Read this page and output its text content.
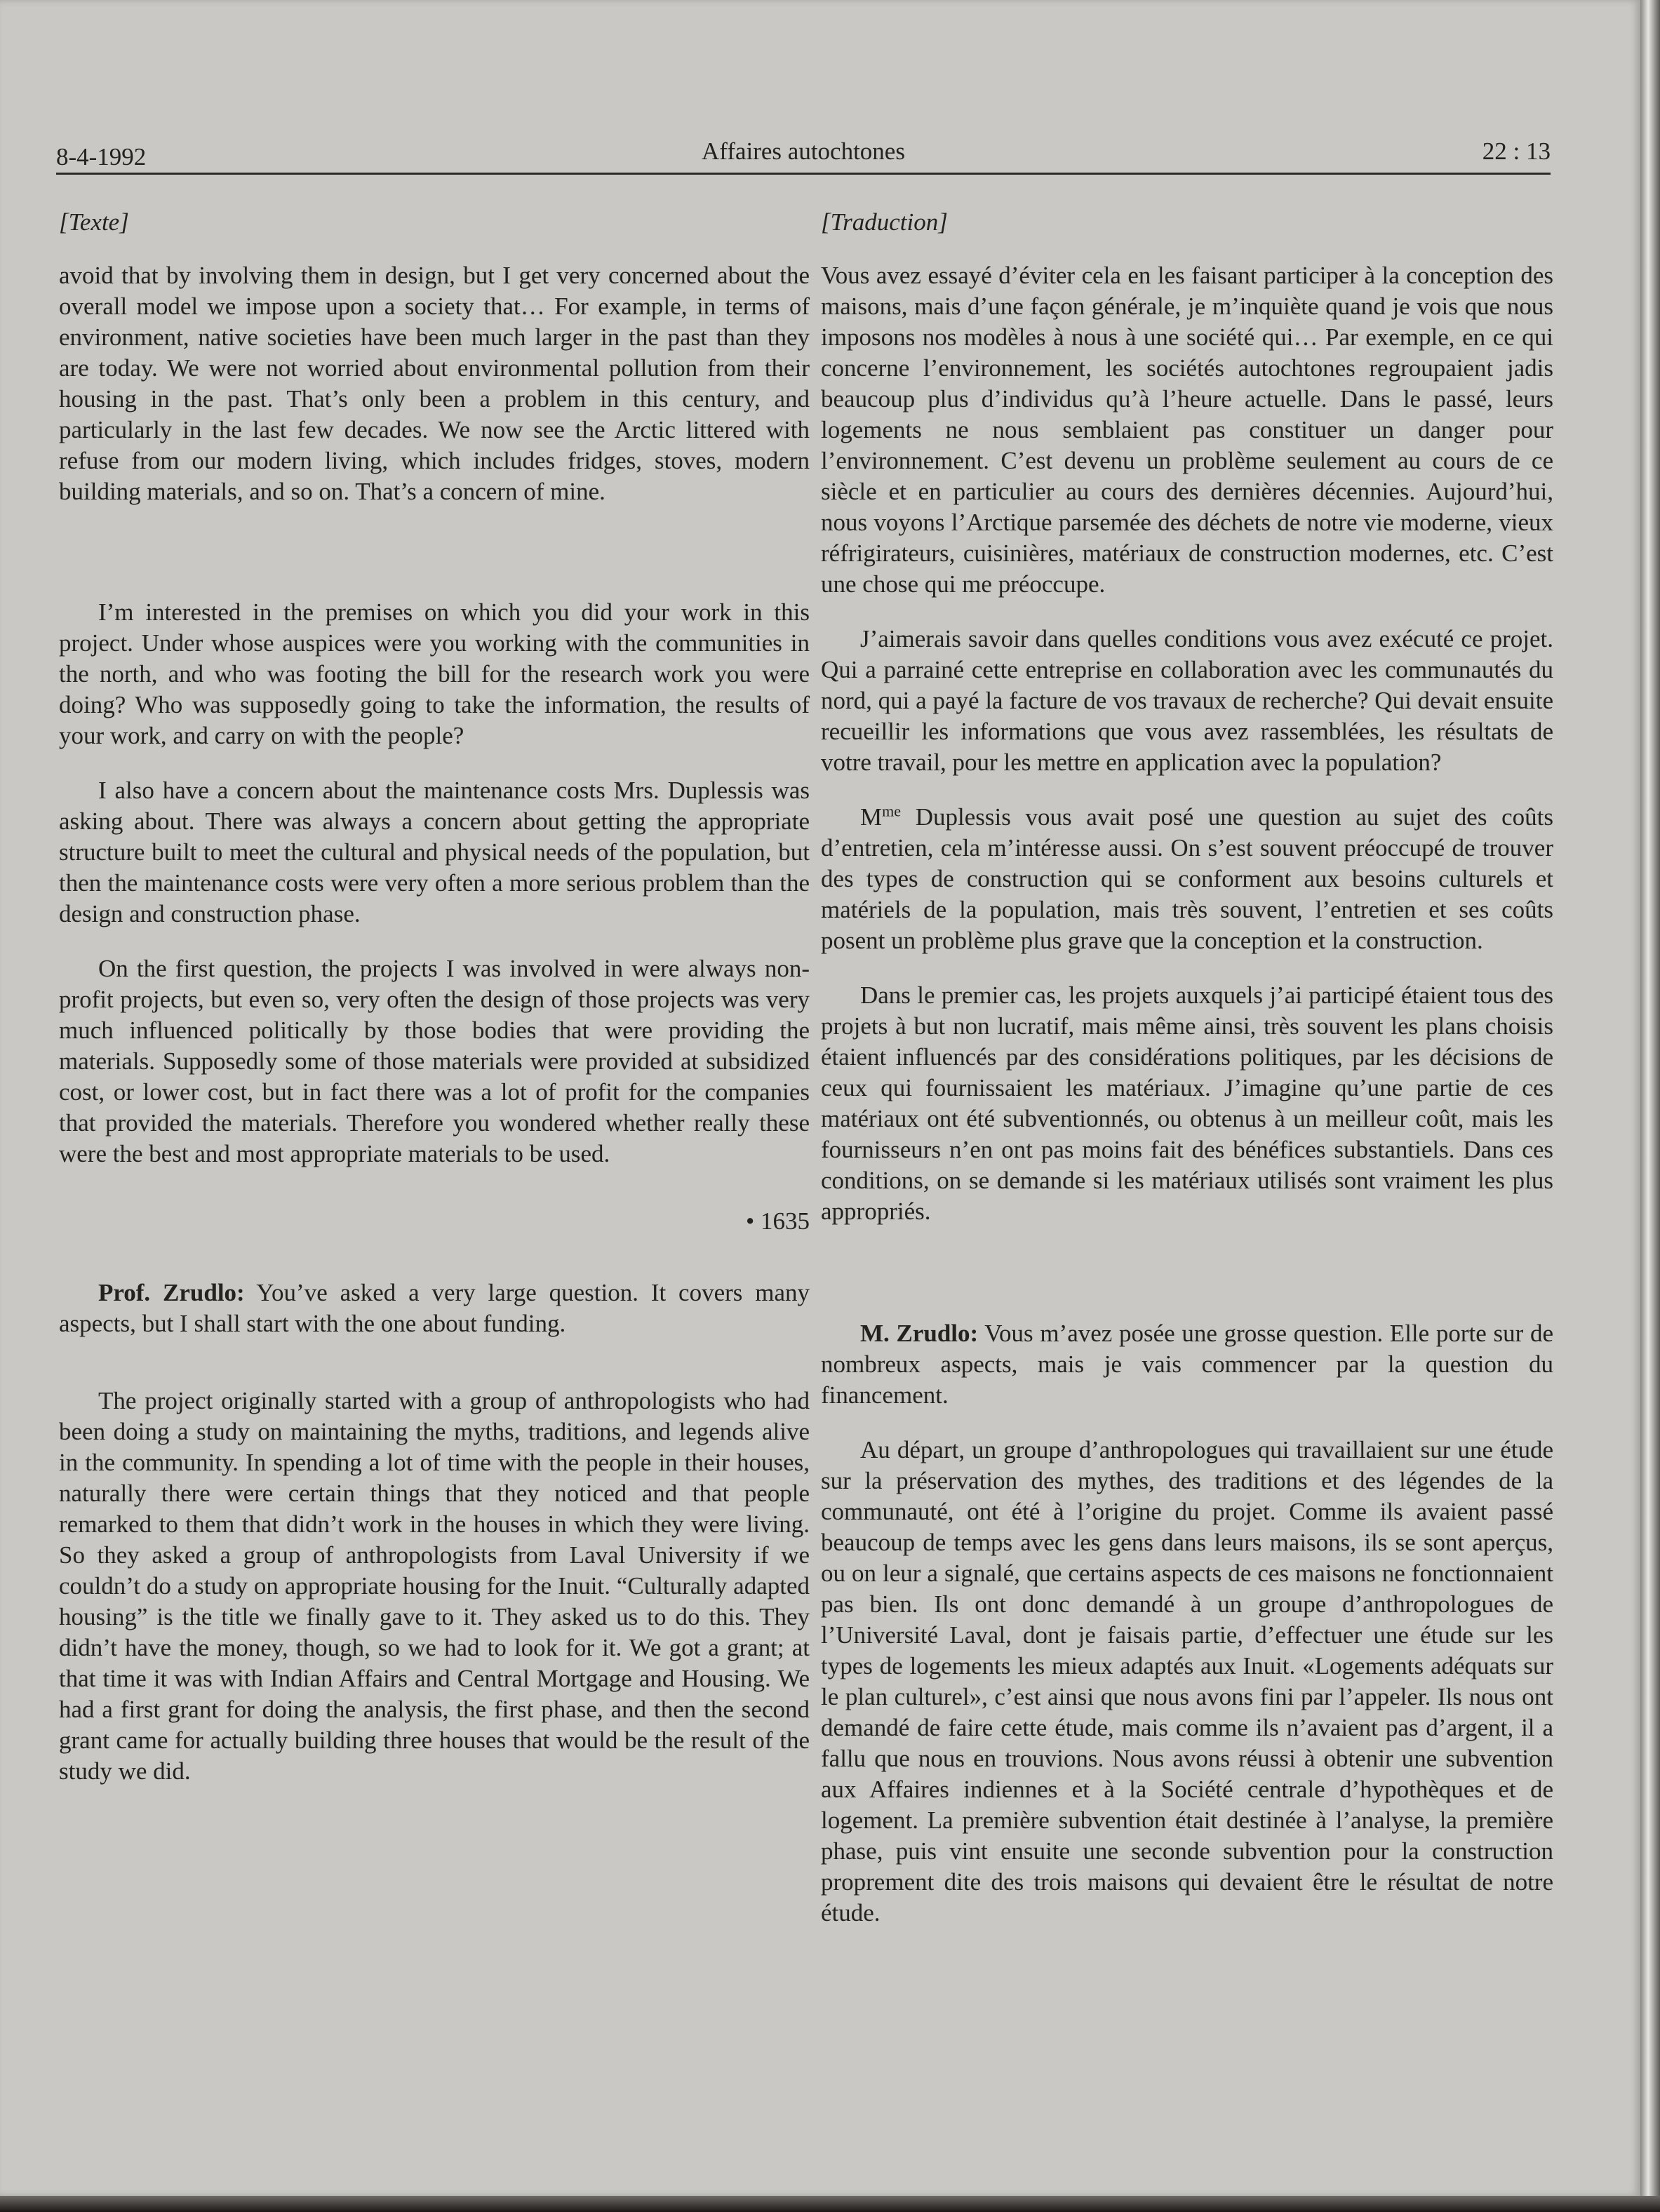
8-4-1992	Affaires autochtones	22 : 13

[Texte]

avoid that by involving them in design, but I get very concerned about the overall model we impose upon a society that… For example, in terms of environment, native societies have been much larger in the past than they are today. We were not worried about environmental pollution from their housing in the past. That’s only been a problem in this century, and particularly in the last few decades. We now see the Arctic littered with refuse from our modern living, which includes fridges, stoves, modern building materials, and so on. That’s a concern of mine.

I’m interested in the premises on which you did your work in this project. Under whose auspices were you working with the communities in the north, and who was footing the bill for the research work you were doing? Who was supposedly going to take the information, the results of your work, and carry on with the people?

I also have a concern about the maintenance costs Mrs. Duplessis was asking about. There was always a concern about getting the appropriate structure built to meet the cultural and physical needs of the population, but then the maintenance costs were very often a more serious problem than the design and construction phase.

On the first question, the projects I was involved in were always non-profit projects, but even so, very often the design of those projects was very much influenced politically by those bodies that were providing the materials. Supposedly some of those materials were provided at subsidized cost, or lower cost, but in fact there was a lot of profit for the companies that provided the materials. Therefore you wondered whether really these were the best and most appropriate materials to be used.

• 1635

Prof. Zrudlo: You’ve asked a very large question. It covers many aspects, but I shall start with the one about funding.

The project originally started with a group of anthropologists who had been doing a study on maintaining the myths, traditions, and legends alive in the community. In spending a lot of time with the people in their houses, naturally there were certain things that they noticed and that people remarked to them that didn’t work in the houses in which they were living. So they asked a group of anthropologists from Laval University if we couldn’t do a study on appropriate housing for the Inuit. “Culturally adapted housing” is the title we finally gave to it. They asked us to do this. They didn’t have the money, though, so we had to look for it. We got a grant; at that time it was with Indian Affairs and Central Mortgage and Housing. We had a first grant for doing the analysis, the first phase, and then the second grant came for actually building three houses that would be the result of the study we did.

[Traduction]

Vous avez essayé d’éviter cela en les faisant participer à la conception des maisons, mais d’une façon générale, je m’inquiète quand je vois que nous imposons nos modèles à nous à une société qui… Par exemple, en ce qui concerne l’environnement, les sociétés autochtones regroupaient jadis beaucoup plus d’individus qu’à l’heure actuelle. Dans le passé, leurs logements ne nous semblaient pas constituer un danger pour l’environnement. C’est devenu un problème seulement au cours de ce siècle et en particulier au cours des dernières décennies. Aujourd’hui, nous voyons l’Arctique parsemée des déchets de notre vie moderne, vieux réfrigirateurs, cuisinières, matériaux de construction modernes, etc. C’est une chose qui me préoccupe.

J’aimerais savoir dans quelles conditions vous avez exécuté ce projet. Qui a parrainé cette entreprise en collaboration avec les communautés du nord, qui a payé la facture de vos travaux de recherche? Qui devait ensuite recueillir les informations que vous avez rassemblées, les résultats de votre travail, pour les mettre en application avec la population?

$M^{me}$ Duplessis vous avait posé une question au sujet des coûts d’entretien, cela m’intéresse aussi. On s’est souvent préoccupé de trouver des types de construction qui se conforment aux besoins culturels et matériels de la population, mais très souvent, l’entretien et ses coûts posent un problème plus grave que la conception et la construction.

Dans le premier cas, les projets auxquels j’ai participé étaient tous des projets à but non lucratif, mais même ainsi, très souvent les plans choisis étaient influencés par des considérations politiques, par les décisions de ceux qui fournissaient les matériaux. J’imagine qu’une partie de ces matériaux ont été subventionnés, ou obtenus à un meilleur coût, mais les fournisseurs n’en ont pas moins fait des bénéfices substantiels. Dans ces conditions, on se demande si les matériaux utilisés sont vraiment les plus appropriés.

M. Zrudlo: Vous m’avez posée une grosse question. Elle porte sur de nombreux aspects, mais je vais commencer par la question du financement.

Au départ, un groupe d’anthropologues qui travaillaient sur une étude sur la préservation des mythes, des traditions et des légendes de la communauté, ont été à l’origine du projet. Comme ils avaient passé beaucoup de temps avec les gens dans leurs maisons, ils se sont aperçus, ou on leur a signalé, que certains aspects de ces maisons ne fonctionnaient pas bien. Ils ont donc demandé à un groupe d’anthropologues de l’Université Laval, dont je faisais partie, d’effectuer une étude sur les types de logements les mieux adaptés aux Inuit. «Logements adéquats sur le plan culturel», c’est ainsi que nous avons fini par l’appeler. Ils nous ont demandé de faire cette étude, mais comme ils n’avaient pas d’argent, il a fallu que nous en trouvions. Nous avons réussi à obtenir une subvention aux Affaires indiennes et à la Société centrale d’hypothèques et de logement. La première subvention était destinée à l’analyse, la première phase, puis vint ensuite une seconde subvention pour la construction proprement dite des trois maisons qui devaient être le résultat de notre étude.
